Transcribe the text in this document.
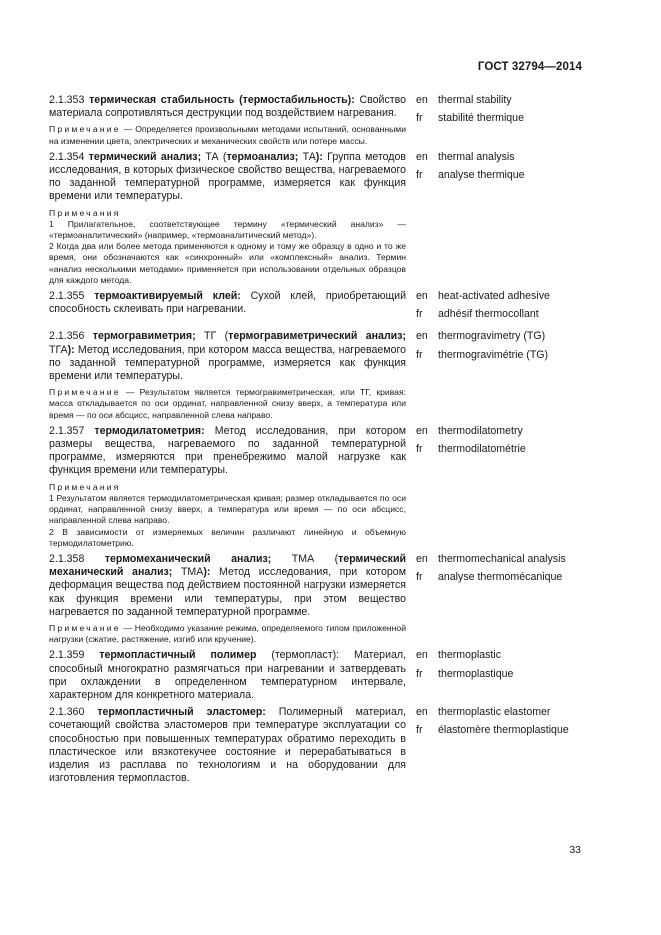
ГОСТ 32794—2014

2.1.353 термическая стабильность (термостабильность): Свойство материала сопротивляться деструкции под воздействием нагревания.

Примечание — Определяется произвольными методами испытаний, основанными на изменении цвета, электрических и механических свойств или потере массы.

en thermal stability
fr	stabilité thermique

2.1.354 термический анализ; ТА (термоанализ; ТА): Группа методов исследования, в которых физическое свойство вещества, нагреваемого по заданной температурной программе, измеряется как функция времени или температуры.

Примечания

1 Прилагательное, соответствующее термину «термический анализ» — «термоаналитический» (например, «термоаналитический метод»).

2 Когда два или более метода применяются к одному и тому же образцу в одно и то же время, они обозначаются как «синхронный» или «комплексный» анализ. Термин «анализ несколькими методами» применяется при использовании отдельных образцов для каждого метода.

en thermal analysis
fr	analyse thermique

2.1.355 термоактивируемый клей: Сухой клей, приобретающий способность склеивать при нагревании.

en heat-activated adhesive
fr	adhésif thermocollant

2.1.356 термогравиметрия; ТГ (термогравиметрический анализ; ТГА): Метод исследования, при котором масса вещества, нагреваемого по заданной температурной программе, измеряется как функция времени или температуры.

Примечание — Результатом является термогравиметрическая, или ТГ, кривая: масса откладывается по оси ординат, направленной снизу вверх, а температура или время — по оси абсцисс, направленной слева направо.

en thermogravimetry (TG)
fr	thermogravimétrie (TG)

2.1.357 термодилатометрия: Метод исследования, при котором размеры вещества, нагреваемого по заданной температурной программе, измеряются при пренебрежимо малой нагрузке как функция времени или температуры.

Примечания

1 Результатом является термодилатометрическая кривая; размер откладывается по оси ординат, направленной снизу вверх, а температура или время — по оси абсцисс, направленной слева направо.

2 В зависимости от измеряемых величин различают линейную и объемную термодилатометрию.

en thermodilatometry
fr	thermodilatométrie

2.1.358 термомеханический анализ; ТМА (термический механический анализ; ТМА): Метод исследования, при котором деформация вещества под действием постоянной нагрузки измеряется как функция времени или температуры, при этом вещество нагревается по заданной температурной программе.

Примечание — Необходимо указание режима, определяемого типом приложенной нагрузки (сжатие, растяжение, изгиб или кручение).

en thermomechanical analysis
fr	analyse thermomécanique

2.1.359 термопластичный полимер (термопласт): Материал, способный многократно размягчаться при нагревании и затвердевать при охлаждении в определенном температурном интервале, характерном для конкретного материала.

en thermoplastic
fr	thermoplastique

2.1.360 термопластичный эластомер: Полимерный материал, сочетающий свойства эластомеров при температуре эксплуатации со способностью при повышенных температурах обратимо переходить в пластическое или вязкотекучее состояние и перерабатываться в изделия из расплава по технологиям и на оборудовании для изготовления термопластов.

en thermoplastic elastomer
fr	élastomère thermoplastique
33
